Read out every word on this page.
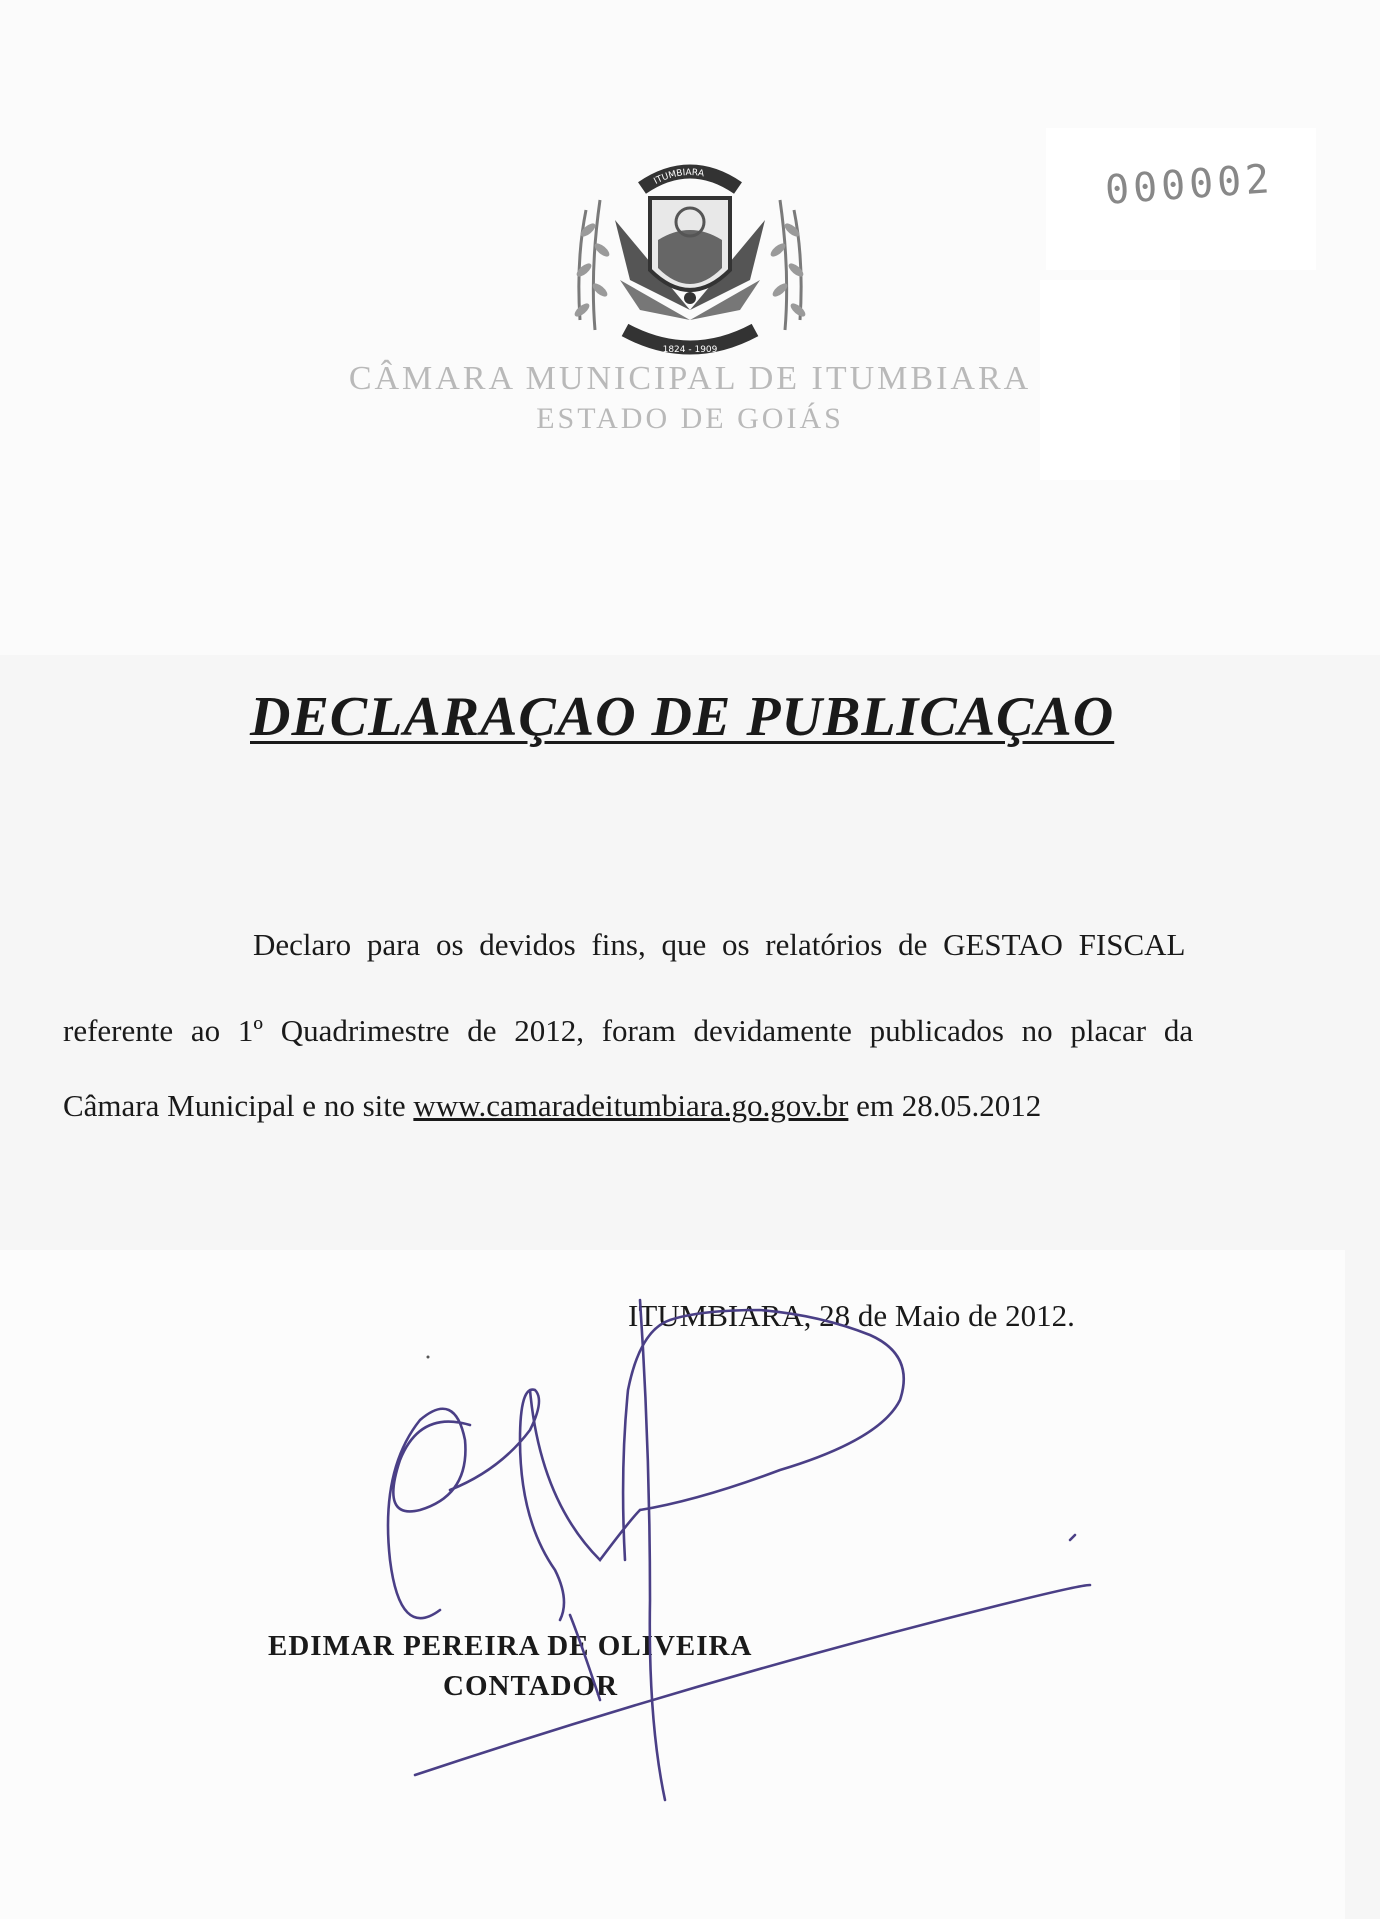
ITUMBIARA
1824 - 1909
CÂMARA MUNICIPAL DE ITUMBIARA
ESTADO DE GOIÁS
000002
DECLARAÇAO DE PUBLICAÇAO
Declaro para os devidos fins, que os relatórios de GESTAO FISCAL
referente ao 1º Quadrimestre de 2012, foram devidamente publicados no placar da
Câmara Municipal e no site www.camaradeitumbiara.go.gov.br em 28.05.2012
ITUMBIARA, 28 de Maio de 2012.
EDIMAR PEREIRA DE OLIVEIRA
CONTADOR
